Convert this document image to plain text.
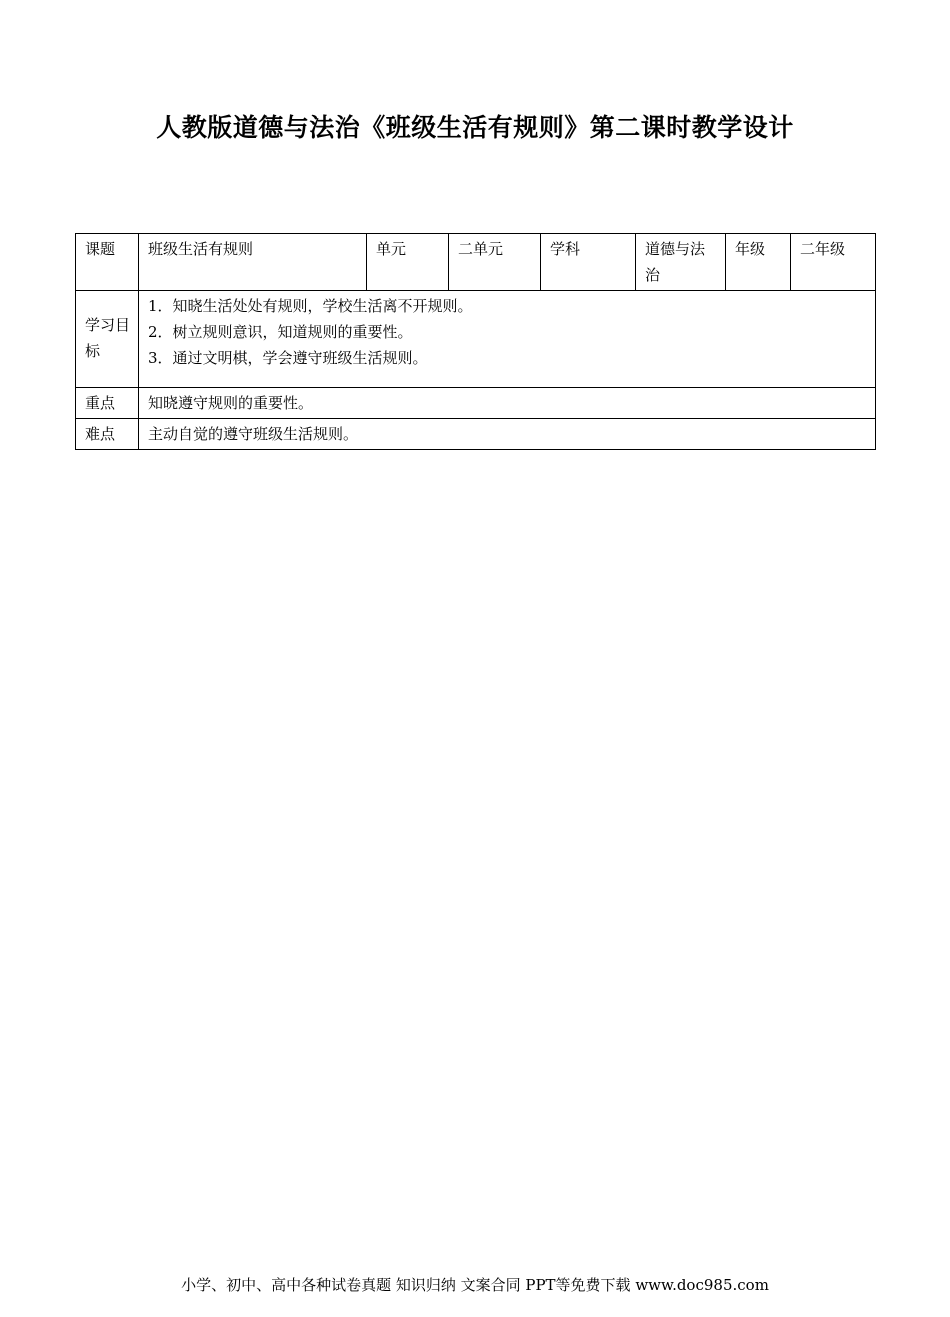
人教版道德与法治《班级生活有规则》第二课时教学设计
课题	班级生活有规则	单元	二单元	学科	道德与法治	年级	二年级
学习目标	1．知晓生活处处有规则，学校生活离不开规则。
2．树立规则意识，知道规则的重要性。
3．通过文明棋，学会遵守班级生活规则。						

重点	知晓遵守规则的重要性。						
难点	主动自觉的遵守班级生活规则。						
小学、初中、高中各种试卷真题 知识归纳 文案合同 PPT等免费下载 www.doc985.com
